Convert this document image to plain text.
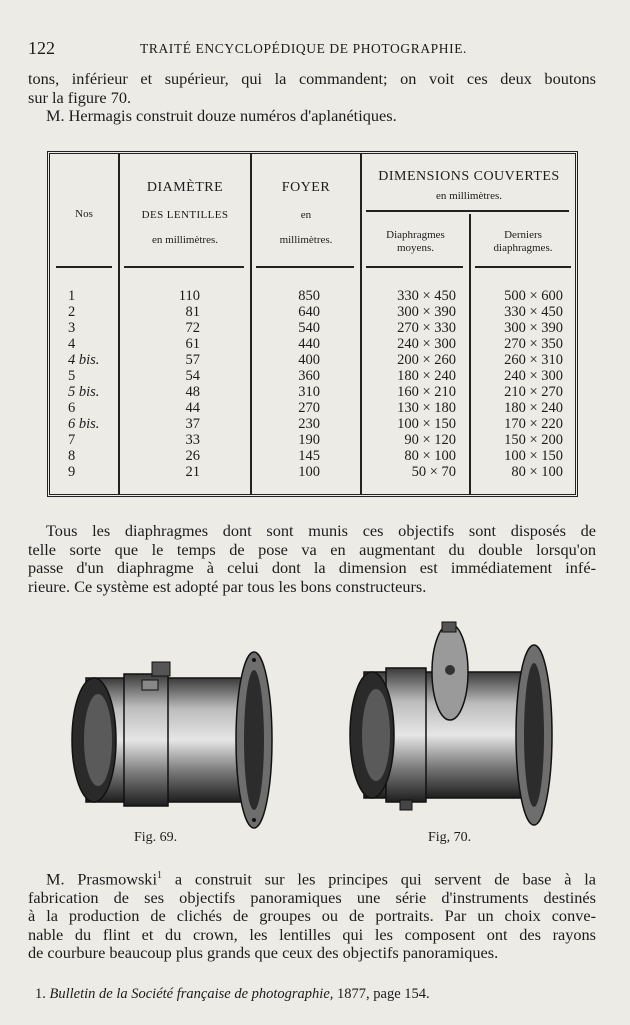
122	TRAITÉ ENCYCLOPÉDIQUE DE PHOTOGRAPHIE.
tons, inférieur et supérieur, qui la commandent; on voit ces deux boutons
sur la figure 70.
M. Hermagis construit douze numéros d'aplanétiques.
Nos
DIAMÈTRE
DES LENTILLES
en millimètres.
FOYER
en
millimètres.
DIMENSIONS COUVERTES
en millimètres.
Diaphragmes
moyens.
Derniers
diaphragmes.
1
2
3
4
4 bis.
5
5 bis.
6
6 bis.
7
8
9
110
81
72
61
57
54
48
44
37
33
26
21
850
640
540
440
400
360
310
270
230
190
145
100
330 × 450
300 × 390
270 × 330
240 × 300
200 × 260
180 × 240
160 × 210
130 × 180
100 × 150
90 × 120
80 × 100
50 × 70
500 × 600
330 × 450
300 × 390
270 × 350
260 × 310
240 × 300
210 × 270
180 × 240
170 × 220
150 × 200
100 × 150
80 × 100
Tous les diaphragmes dont sont munis ces objectifs sont disposés de
telle sorte que le temps de pose va en augmentant du double lorsqu'on
passe d'un diaphragme à celui dont la dimension est immédiatement infé-
rieure. Ce système est adopté par tous les bons constructeurs.
Fig. 69.	Fig, 70.
M. Prasmowski$^1$ a construit sur les principes qui servent de base à la
fabrication de ses objectifs panoramiques une série d'instruments destinés
à la production de clichés de groupes ou de portraits. Par un choix conve-
nable du flint et du crown, les lentilles qui les composent ont des rayons
de courbure beaucoup plus grands que ceux des objectifs panoramiques.
1. Bulletin de la Société française de photographie, 1877, page 154.
